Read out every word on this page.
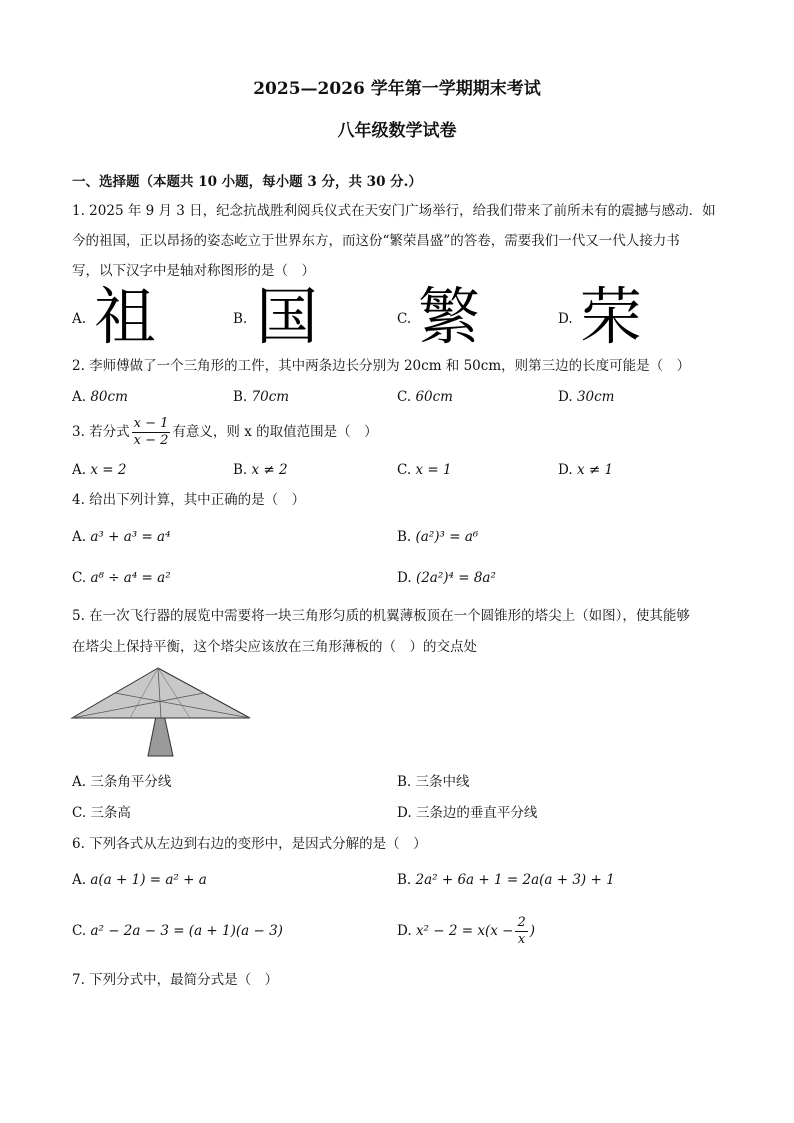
2025—2026 学年第一学期期末考试
八年级数学试卷
一、选择题（本题共 10 小题，每小题 3 分，共 30 分.）
1. 2025 年 9 月 3 日，纪念抗战胜利阅兵仪式在天安门广场举行，给我们带来了前所未有的震撼与感动．如
今的祖国，正以昂扬的姿态屹立于世界东方，而这份“繁荣昌盛”的答卷，需要我们一代又一代人接力书
写，以下汉字中是轴对称图形的是（　）
A. 祖	B. 国	C. 繁	D. 荣
2. 李师傅做了一个三角形的工件，其中两条边长分别为 20cm 和 50cm，则第三边的长度可能是（　）
A. 80cm	B. 70cm	C. 60cm	D. 30cm
3. 若分式 $\frac{x - 1}{x - 2}$ 有意义，则 x 的取值范围是（　）
A. x = 2	B. x ≠ 2	C. x = 1	D. x ≠ 1
4. 给出下列计算，其中正确的是（　）
A. a³ + a³ = a⁴	B. (a²)³ = a⁶
C. a⁸ ÷ a⁴ = a²	D. (2a²)⁴ = 8a²
5. 在一次飞行器的展览中需要将一块三角形匀质的机翼薄板顶在一个圆锥形的塔尖上（如图），使其能够
在塔尖上保持平衡，这个塔尖应该放在三角形薄板的（　）的交点处
A. 三条角平分线	B. 三条中线
C. 三条高	D. 三条边的垂直平分线
6. 下列各式从左边到右边的变形中，是因式分解的是（　）
A. a(a + 1) = a² + a	B. 2a² + 6a + 1 = 2a(a + 3) + 1
C. a² − 2a − 3 = (a + 1)(a − 3)	D. $x^2 - 2 = x(x - \frac{2}{x}$ )
7. 下列分式中，最简分式是（　）
